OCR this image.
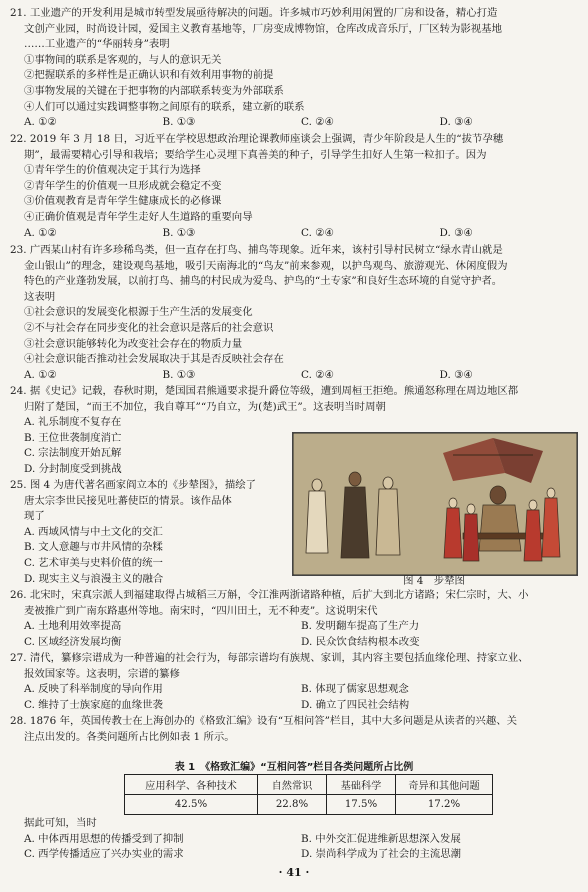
21. 工业遗产的开发利用是城市转型发展亟待解决的问题。许多城市巧妙利用闲置的厂房和设备，精心打造

文创产业园，时尚设计园，爱国主义教育基地等，厂房变成博物馆，仓库改成音乐厅，厂区转为影视基地

……工业遗产的“华丽转身”表明

①事物间的联系是客观的，与人的意识无关

②把握联系的多样性是正确认识和有效利用事物的前提

③事物发展的关键在于把事物的内部联系转变为外部联系

④人们可以通过实践调整事物之间原有的联系，建立新的联系

A. ①②	B. ①③	C. ②④	D. ③④

22. 2019 年 3 月 18 日，习近平在学校思想政治理论课教师座谈会上强调，青少年阶段是人生的“拔节孕穗

期”，最需要精心引导和栽培；要给学生心灵埋下真善美的种子，引导学生扣好人生第一粒扣子。因为

①青年学生的价值观决定于其行为选择

②青年学生的价值观一旦形成就会稳定不变

③价值观教育是青年学生健康成长的必修课

④正确价值观是青年学生走好人生道路的重要向导

A. ①②	B. ①③	C. ②④	D. ③④

23. 广西某山村有许多珍稀鸟类，但一直存在打鸟、捕鸟等现象。近年来，该村引导村民树立“绿水青山就是

金山银山”的理念，建设观鸟基地，吸引天南海北的“鸟友”前来参观，以护鸟观鸟、旅游观光、休闲度假为

特色的产业蓬勃发展，以前打鸟、捕鸟的村民成为爱鸟、护鸟的“土专家”和良好生态环境的自觉守护者。

这表明

①社会意识的发展变化根源于生产生活的发展变化

②不与社会存在同步变化的社会意识是落后的社会意识

③社会意识能够转化为改变社会存在的物质力量

④社会意识能否推动社会发展取决于其是否反映社会存在

A. ①②	B. ①③	C. ②④	D. ③④

24. 据《史记》记载，春秋时期，楚国国君熊通要求提升爵位等级，遭到周桓王拒绝。熊通怒称理在周边地区都

归附了楚国，“而王不加位，我自尊耳”“乃自立，为(楚)武王”。这表明当时周朝

A. 礼乐制度不复存在

B. 王位世袭制度消亡

C. 宗法制度开始瓦解

D. 分封制度受到挑战

25. 图 4 为唐代著名画家阎立本的《步辇图》，描绘了

唐太宗李世民接见吐蕃使臣的情景。该作品体

现了

A. 西域风情与中土文化的交汇

B. 文人意趣与市井风情的杂糅

C. 艺术审美与史料价值的统一

D. 现实主义与浪漫主义的融合	图 4　步辇图

26. 北宋时，宋真宗派人到福建取得占城稻三万斛，令江淮两浙诸路种植，后扩大到北方诸路；宋仁宗时，大、小

麦被推广到广南东路惠州等地。南宋时，“四川田土，无不种麦”。这说明宋代

A. 土地利用效率提高	B. 发明翻车提高了生产力

C. 区域经济发展均衡	D. 民众饮食结构根本改变

27. 清代，纂修宗谱成为一种普遍的社会行为，每部宗谱均有族规、家训，其内容主要包括血缘伦理、持家立业、

报效国家等。这表明，宗谱的纂修

A. 反映了科举制度的导向作用	B. 体现了儒家思想观念

C. 维持了士族家庭的血缘世袭	D. 确立了四民社会结构

28. 1876 年，英国传教士在上海创办的《格致汇编》设有“互相问答”栏目，其中大多问题是从读者的兴趣、关

注点出发的。各类问题所占比例如表 1 所示。

表 1　《格致汇编》“互相问答”栏目各类问题所占比例
应用科学、各种技术	自然常识	基础科学	奇异和其他问题
42.5%	22.8%	17.5%	17.2%

据此可知，当时

A. 中体西用思想的传播受到了抑制	B. 中外交汇促进维新思想深入发展

C. 西学传播适应了兴办实业的需求	D. 崇尚科学成为了社会的主流思潮

· 41 ·
